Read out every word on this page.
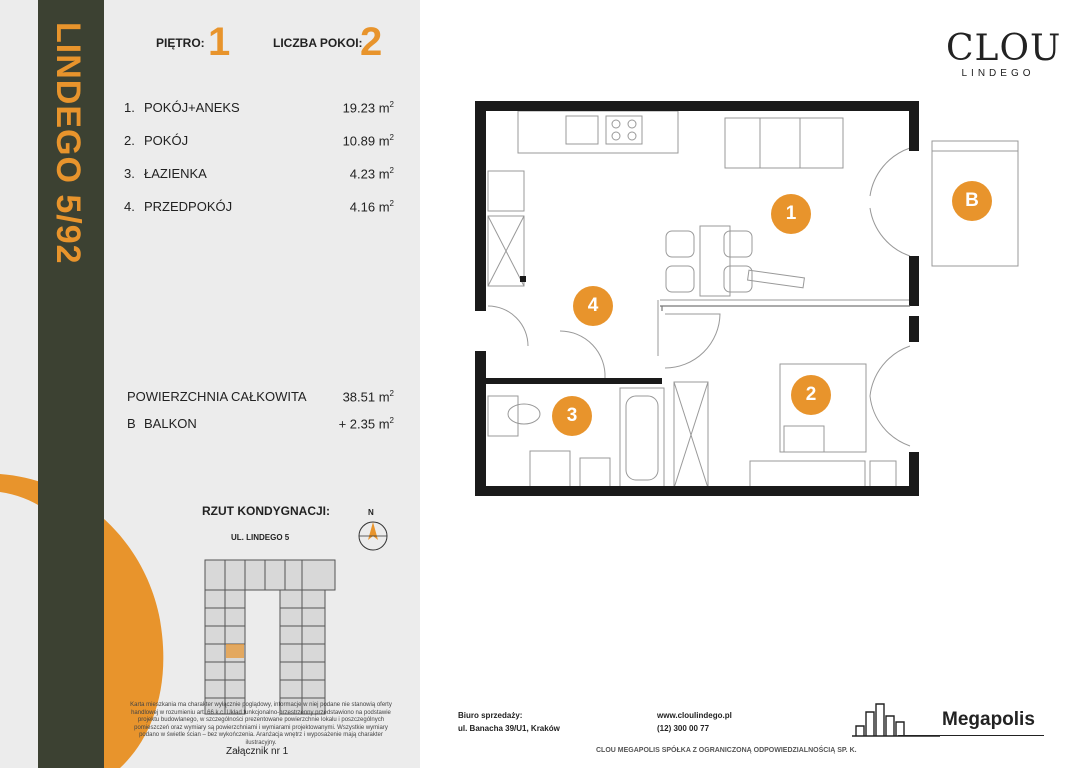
LINDEGO 5/92	PIĘTRO: 1	LICZBA POKOI:
2
1. POKÓJ+ANEKS	19.23 $m^2$
2. POKÓJ	10.89 $m^2$
3. ŁAZIENKA	4.23 $m^2$
4. PRZEDPOKÓJ	4.16 $m^2$
POWIERZCHNIA CAŁKOWITA	38.51 $m^2$
B BALKON	+ 2.35 $m^2$
RZUT KONDYGNACJI:
UL. LINDEGO 5
N
Karta mieszkania ma charakter wyłącznie poglądowy, informacje w niej podane nie stanowią oferty handlowej w rozumieniu art. 66 k.c. Układ funkcjonalno-przestrzenny przedstawiono na podstawie projektu budowlanego, w szczególności prezentowane powierzchnie lokalu i poszczególnych pomieszczeń oraz wymiary są powierzchniami i wymiarami projektowanymi. Wszystkie wymiary podano w świetle ścian – bez wykończenia. Aranżacja wnętrz i wyposażenie mają charakter ilustracyjny.
Załącznik nr 1
CLOU
LINDEGO
1
2
3
4
B
Biuro sprzedaży:
ul. Banacha 39/U1, Kraków
www.cloulindego.pl
(12) 300 00 77	Megapolis
CLOU MEGAPOLIS SPÓŁKA Z OGRANICZONĄ ODPOWIEDZIALNOŚCIĄ SP. K.
